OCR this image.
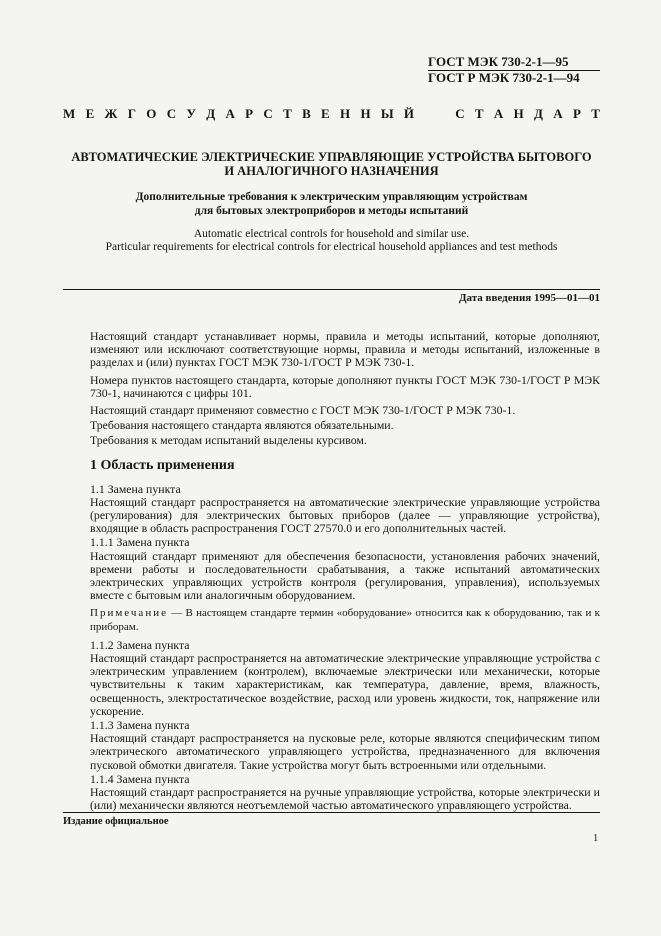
ГОСТ МЭК 730-2-1—95
ГОСТ Р МЭК 730-2-1—94
М Е Ж Г О С У Д А Р С Т В Е Н Н Ы Й	С Т А Н Д А Р Т
АВТОМАТИЧЕСКИЕ ЭЛЕКТРИЧЕСКИЕ УПРАВЛЯЮЩИЕ УСТРОЙСТВА БЫТОВОГО
И АНАЛОГИЧНОГО НАЗНАЧЕНИЯ
Дополнительные требования к электрическим управляющим устройствам
для бытовых электроприборов и методы испытаний
Automatic electrical controls for household and similar use.
Particular requirements for electrical controls for electrical household appliances and test methods
Дата введения 1995—01—01

Настоящий стандарт устанавливает нормы, правила и методы испытаний, которые дополняют, изменяют или исключают соответствующие нормы, правила и методы испытаний, изложенные в разделах и (или) пунктах ГОСТ МЭК 730-1/ГОСТ Р МЭК 730-1.

Номера пунктов настоящего стандарта, которые дополняют пункты ГОСТ МЭК 730-1/ГОСТ Р МЭК 730-1, начинаются с цифры 101.

Настоящий стандарт применяют совместно с ГОСТ МЭК 730-1/ГОСТ Р МЭК 730-1.

Требования настоящего стандарта являются обязательными.

Требования к методам испытаний выделены курсивом.

1 Область применения
1.1 Замена пункта

Настоящий стандарт распространяется на автоматические электрические управляющие устройства (регулирования) для электрических бытовых приборов (далее — управляющие устройства), входящие в область распространения ГОСТ 27570.0 и его дополнительных частей.

1.1.1 Замена пункта

Настоящий стандарт применяют для обеспечения безопасности, установления рабочих значений, времени работы и последовательности срабатывания, а также испытаний автоматических электрических управляющих устройств контроля (регулирования, управления), используемых вместе с бытовым или аналогичным оборудованием.

Примечание — В настоящем стандарте термин «оборудование» относится как к оборудованию, так и к приборам.

1.1.2 Замена пункта

Настоящий стандарт распространяется на автоматические электрические управляющие устройства с электрическим управлением (контролем), включаемые электрически или механически, которые чувствительны к таким характеристикам, как температура, давление, время, влажность, освещенность, электростатическое воздействие, расход или уровень жидкости, ток, напряжение или ускорение.

1.1.3 Замена пункта

Настоящий стандарт распространяется на пусковые реле, которые являются специфическим типом электрического автоматического управляющего устройства, предназначенного для включения пусковой обмотки двигателя. Такие устройства могут быть встроенными или отдельными.

1.1.4 Замена пункта

Настоящий стандарт распространяется на ручные управляющие устройства, которые электрически и (или) механически являются неотъемлемой частью автоматического управляющего устройства.

Издание официальное
1
